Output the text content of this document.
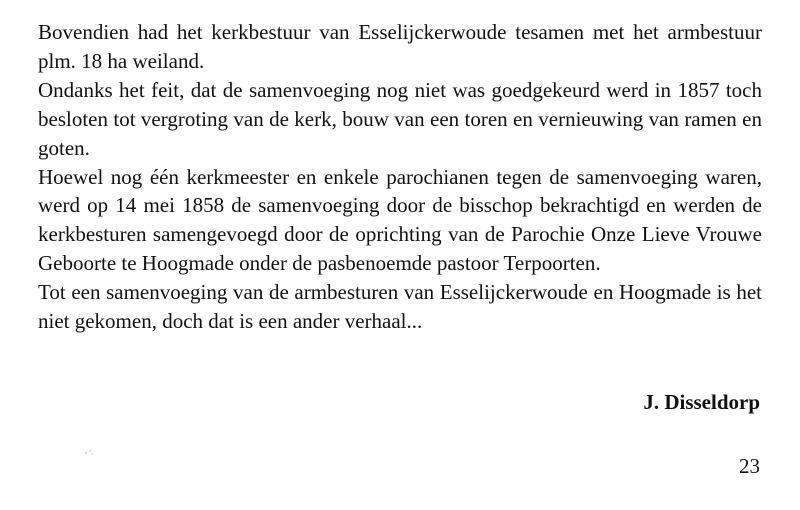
Bovendien had het kerkbestuur van Esselijckerwoude tesamen met het armbestuur plm. 18 ha weiland.

Ondanks het feit, dat de samenvoeging nog niet was goedgekeurd werd in 1857 toch besloten tot vergroting van de kerk, bouw van een toren en vernieuwing van ramen en goten.

Hoewel nog één kerkmeester en enkele parochianen tegen de samenvoeging waren, werd op 14 mei 1858 de samenvoeging door de bisschop bekrachtigd en werden de kerkbesturen samengevoegd door de oprichting van de Parochie Onze Lieve Vrouwe Geboorte te Hoogmade onder de pasbenoemde pastoor Terpoorten.

Tot een samenvoeging van de armbesturen van Esselijckerwoude en Hoogmade is het niet gekomen, doch dat is een ander verhaal...

J. Disseldorp

23
